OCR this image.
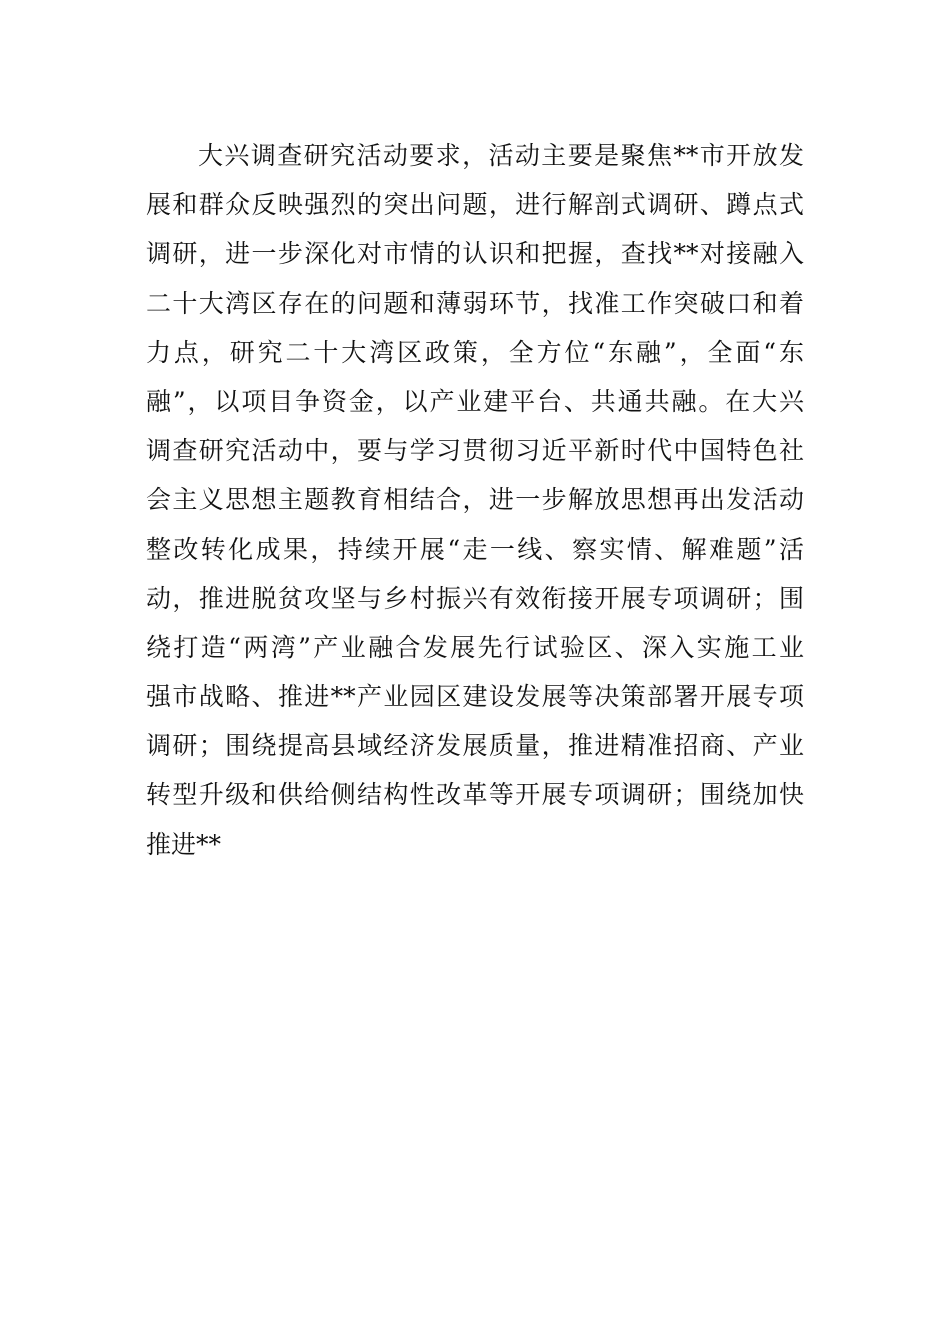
大兴调查研究活动要求，活动主要是聚焦**市开放发
展和群众反映强烈的突出问题，进行解剖式调研、蹲点式
调研，进一步深化对市情的认识和把握，查找**对接融入
二十大湾区存在的问题和薄弱环节，找准工作突破口和着
力点，研究二十大湾区政策，全方位“东融”，全面“东
融”，以项目争资金，以产业建平台、共通共融。在大兴
调查研究活动中，要与学习贯彻习近平新时代中国特色社
会主义思想主题教育相结合，进一步解放思想再出发活动
整改转化成果，持续开展“走一线、察实情、解难题”活
动，推进脱贫攻坚与乡村振兴有效衔接开展专项调研；围
绕打造“两湾”产业融合发展先行试验区、深入实施工业
强市战略、推进**产业园区建设发展等决策部署开展专项
调研；围绕提高县域经济发展质量，推进精准招商、产业
转型升级和供给侧结构性改革等开展专项调研；围绕加快
推进**
